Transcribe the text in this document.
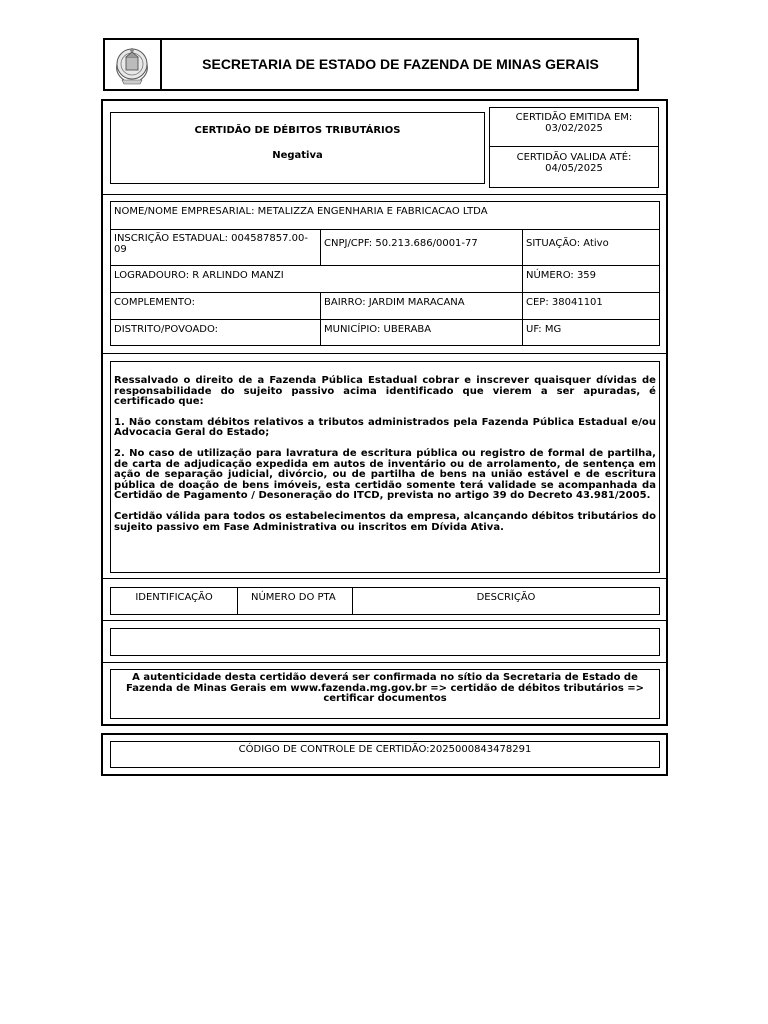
SECRETARIA DE ESTADO DE FAZENDA DE MINAS GERAIS
CERTIDÃO DE DÉBITOS TRIBUTÁRIOS
Negativa
CERTIDÃO EMITIDA EM:
03/02/2025
CERTIDÃO VALIDA ATÉ:
04/05/2025
NOME/NOME EMPRESARIAL: METALIZZA ENGENHARIA E FABRICACAO LTDA
INSCRIÇÃO ESTADUAL: 004587857.00-
09
CNPJ/CPF: 50.213.686/0001-77	SITUAÇÃO: Ativo
LOGRADOURO: R ARLINDO MANZI	NÚMERO: 359
COMPLEMENTO:	BAIRRO: JARDIM MARACANA	CEP: 38041101
DISTRITO/POVOADO:	MUNICÍPIO: UBERABA	UF: MG

Ressalvado o direito de a Fazenda Pública Estadual cobrar e inscrever quaisquer dívidas de responsabilidade do sujeito passivo acima identificado que vierem a ser apuradas, é certificado que:

1. Não constam débitos relativos a tributos administrados pela Fazenda Pública Estadual e/ou Advocacia Geral do Estado;

2. No caso de utilização para lavratura de escritura pública ou registro de formal de partilha, de carta de adjudicação expedida em autos de inventário ou de arrolamento, de sentença em ação de separação judicial, divórcio, ou de partilha de bens na união estável e de escritura pública de doação de bens imóveis, esta certidão somente terá validade se acompanhada da Certidão de Pagamento / Desoneração do ITCD, prevista no artigo 39 do Decreto 43.981/2005.

Certidão válida para todos os estabelecimentos da empresa, alcançando débitos tributários do sujeito passivo em Fase Administrativa ou inscritos em Dívida Ativa.

IDENTIFICAÇÃO	NÚMERO DO PTA	DESCRIÇÃO
A autenticidade desta certidão deverá ser confirmada no sítio da Secretaria de Estado de Fazenda de Minas Gerais em www.fazenda.mg.gov.br => certidão de débitos tributários => certificar documentos
CÓDIGO DE CONTROLE DE CERTIDÃO:2025000843478291
